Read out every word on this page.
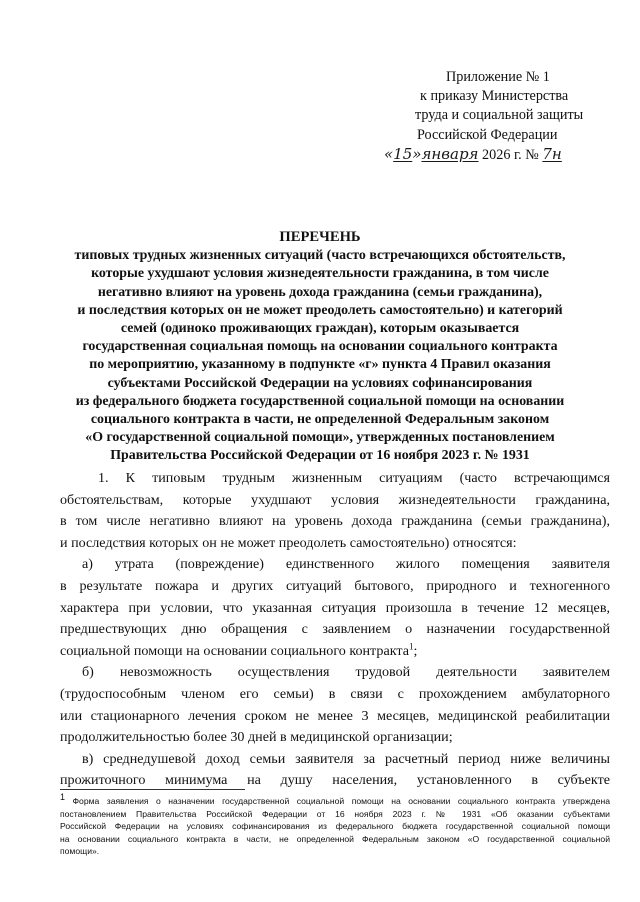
Приложение № 1
к приказу Министерства
труда и социальной защиты
Российской Федерации
«15»января 2026 г. № 7н
ПЕРЕЧЕНЬ
типовых трудных жизненных ситуаций (часто встречающихся обстоятельств,
которые ухудшают условия жизнедеятельности гражданина, в том числе
негативно влияют на уровень дохода гражданина (семьи гражданина),
и последствия которых он не может преодолеть самостоятельно) и категорий
семей (одиноко проживающих граждан), которым оказывается
государственная социальная помощь на основании социального контракта
по мероприятию, указанному в подпункте «г» пункта 4 Правил оказания
субъектами Российской Федерации на условиях софинансирования
из федерального бюджета государственной социальной помощи на основании
социального контракта в части, не определенной Федеральным законом
«О государственной социальной помощи», утвержденных постановлением
Правительства Российской Федерации от 16 ноября 2023 г. № 1931

1. К типовым трудным жизненным ситуациям (часто встречающимся
обстоятельствам, которые ухудшают условия жизнедеятельности гражданина,
в том числе негативно влияют на уровень дохода гражданина (семьи гражданина),
и последствия которых он не может преодолеть самостоятельно) относятся:

а) утрата (повреждение) единственного жилого помещения заявителя
в результате пожара и других ситуаций бытового, природного и техногенного
характера при условии, что указанная ситуация произошла в течение 12 месяцев,
предшествующих дню обращения с заявлением о назначении государственной
социальной помощи на основании социального контракта$^1$;

б) невозможность осуществления трудовой деятельности заявителем
(трудоспособным членом его семьи) в связи с прохождением амбулаторного
или стационарного лечения сроком не менее 3 месяцев, медицинской реабилитации
продолжительностью более 30 дней в медицинской организации;

в) среднедушевой доход семьи заявителя за расчетный период ниже величины
прожиточного минимума на душу населения, установленного в субъекте

$^1$ Форма заявления о назначении государственной социальной помощи на основании социального контракта утверждена
постановлением Правительства Российской Федерации от 16 ноября 2023 г. № 1931 «Об оказании субъектами
Российской Федерации на условиях софинансирования из федерального бюджета государственной социальной помощи
на основании социального контракта в части, не определенной Федеральным законом «О государственной социальной
помощи».
